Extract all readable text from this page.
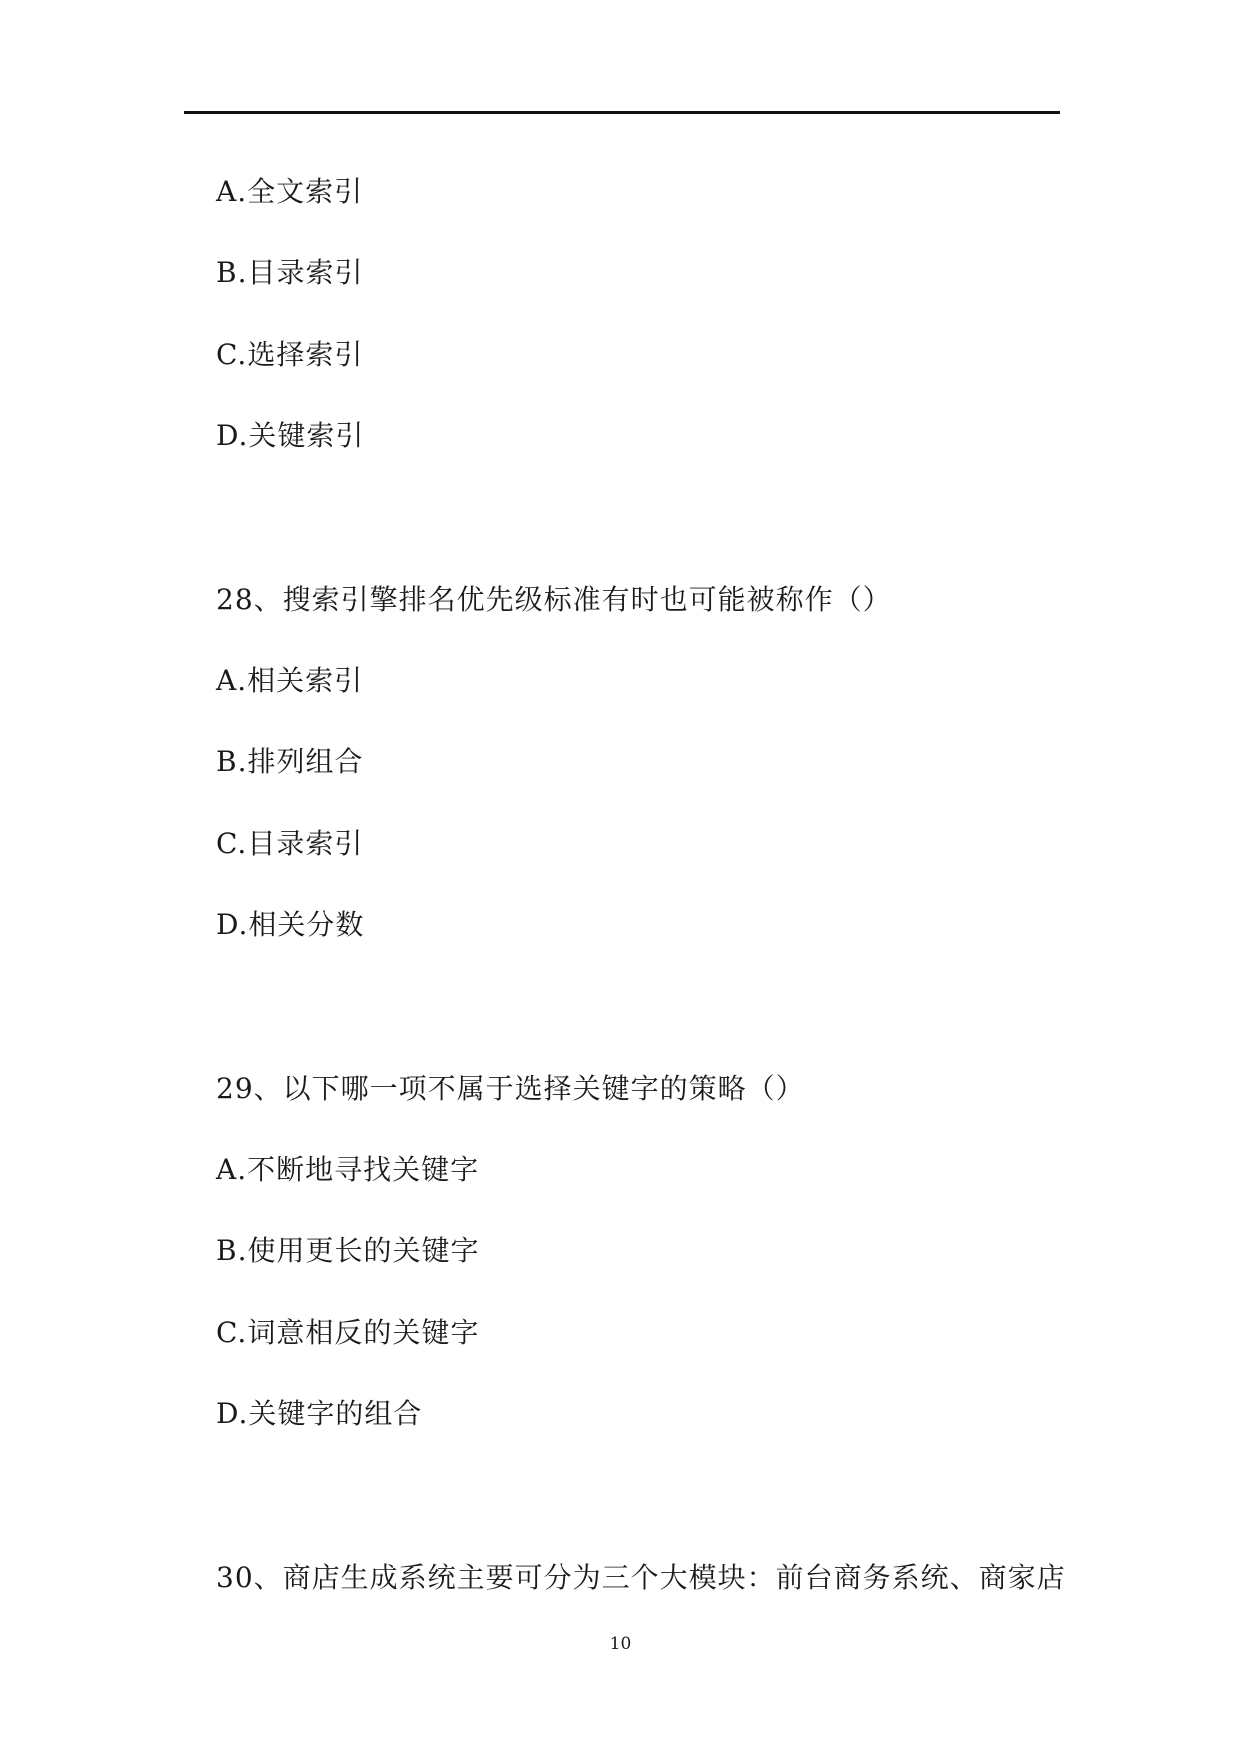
A.全文索引
B.目录索引
C.选择索引
D.关键索引
28、搜索引擎排名优先级标准有时也可能被称作（）
A.相关索引
B.排列组合
C.目录索引
D.相关分数
29、以下哪一项不属于选择关键字的策略（）
A.不断地寻找关键字
B.使用更长的关键字
C.词意相反的关键字
D.关键字的组合
30、商店生成系统主要可分为三个大模块：前台商务系统、商家店
10
